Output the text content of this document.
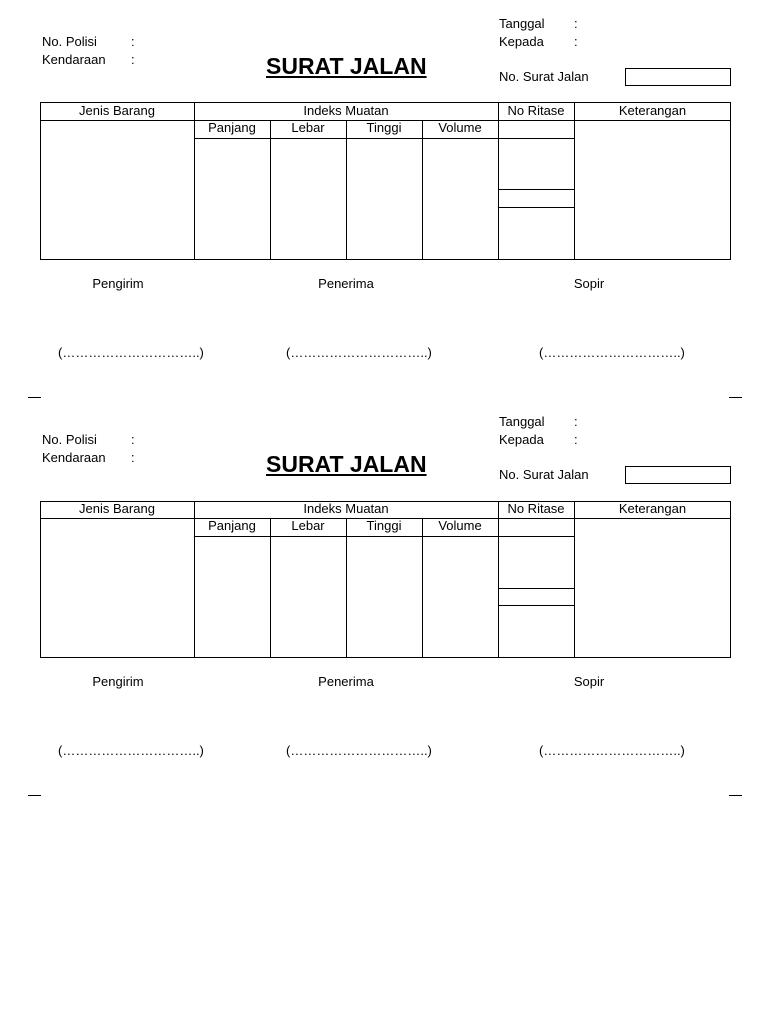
No. Polisi	:
Kendaraan :	SURAT JALAN
Tanggal :
Kepada :
No. Surat Jalan
Jenis Barang	Indeks Muatan	No Ritase	Keterangan
Panjang	Lebar	Tinggi	Volume
Pengirim	Penerima	Sopir
(…………………………..)	(…………………………..)	(…………………………..)
No. Polisi	:
Kendaraan :	SURAT JALAN
Tanggal :
Kepada :
No. Surat Jalan
Jenis Barang	Indeks Muatan	No Ritase	Keterangan
Panjang	Lebar	Tinggi	Volume
Pengirim	Penerima	Sopir
(…………………………..)	(…………………………..)	(…………………………..)
